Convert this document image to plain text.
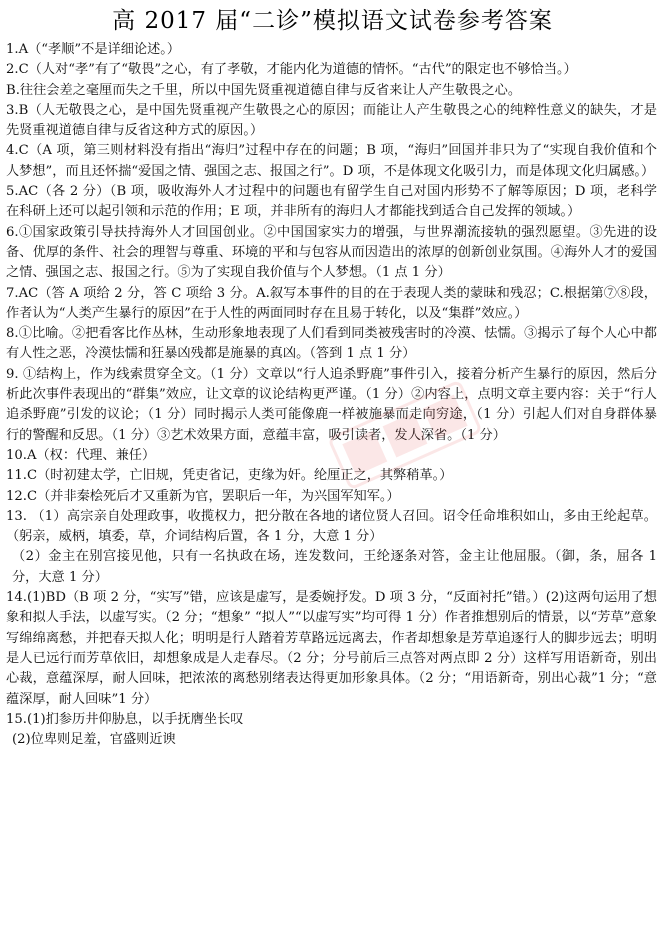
高 2017 届“二诊”模拟语文试卷参考答案

1.A（“孝顺”不是详细论述。）

2.C（人对“孝”有了“敬畏”之心，有了孝敬，才能内化为道德的情怀。“古代”的限定也不够恰当。）

B.往往会差之毫厘而失之千里，所以中国先贤重视道德自律与反省来让人产生敬畏之心。

3.B（人无敬畏之心，是中国先贤重视产生敬畏之心的原因；而能让人产生敬畏之心的纯粹性意义的缺失，才是先贤重视道德自律与反省这种方式的原因。）

4.C（A 项，第三则材料没有指出“海归”过程中存在的问题；B 项，“海归”回国并非只为了“实现自我价值和个人梦想”，而且还怀揣“爱国之情、强国之志、报国之行”。D 项，不是体现文化吸引力，而是体现文化归属感。）

5.AC（各 2 分）（B 项，吸收海外人才过程中的问题也有留学生自己对国内形势不了解等原因；D 项，老科学在科研上还可以起引领和示范的作用；E 项，并非所有的海归人才都能找到适合自己发挥的领域。）

6.①国家政策引导扶持海外人才回国创业。②中国国家实力的增强，与世界潮流接轨的强烈愿望。③先进的设备、优厚的条件、社会的理智与尊重、环境的平和与包容从而因造出的浓厚的创新创业氛围。④海外人才的爱国之情、强国之志、报国之行。⑤为了实现自我价值与个人梦想。（1 点 1 分）

7.AC（答 A 项给 2 分，答 C 项给 3 分。A.叙写本事件的目的在于表现人类的蒙昧和残忍；C.根据第⑦⑧段，作者认为“人类产生暴行的原因”在于人性的两面同时存在且易于转化，以及“集群”效应。）

8.①比喻。②把看客比作丛林，生动形象地表现了人们看到同类被残害时的冷漠、怯懦。③揭示了每个人心中都有人性之恶，冷漠怯懦和狂暴凶残都是施暴的真凶。（答到 1 点 1 分）

9. ①结构上，作为线索贯穿全文。（1 分）文章以“行人追杀野鹿”事件引入，接着分析产生暴行的原因，然后分析此次事件表现出的“群集”效应，让文章的议论结构更严谨。（1 分）②内容上，点明文章主要内容：关于“行人追杀野鹿”引发的议论；（1 分）同时揭示人类可能像鹿一样被施暴而走向穷途，（1 分）引起人们对自身群体暴行的警醒和反思。（1 分）③艺术效果方面，意蕴丰富，吸引读者，发人深省。（1 分）

10.A（权：代理、兼任）

11.C（时初建太学，亡旧规，凭吏省记，吏缘为奸。纶厘正之，其弊稍革。）

12.C（并非秦桧死后才又重新为官，罢职后一年，为兴国军知军。）

13. （1）高宗亲自处理政事，收揽权力，把分散在各地的诸位贤人召回。诏令任命堆积如山，多由王纶起草。（躬亲，威柄，填委，草，介词结构后置，各 1 分，大意 1 分）

（2）金主在别宫接见他，只有一名执政在场，连发数问，王纶逐条对答，金主让他屈服。（御，条，屈各 1 分，大意 1 分）

14.(1)BD（B 项 2 分，“实写”错，应该是虚写，是委婉抒发。D 项 3 分，“反面衬托”错。）(2)这两句运用了想象和拟人手法，以虚写实。（2 分；“想象” “拟人”“以虚写实”均可得 1 分）作者推想别后的情景，以“芳草”意象写绵绵离愁，并把春天拟人化；明明是行人踏着芳草路远远离去，作者却想象是芳草追逐行人的脚步远去；明明是人已远行而芳草依旧，却想象成是人走春尽。（2 分；分号前后三点答对两点即 2 分）这样写用语新奇，别出心裁，意蕴深厚，耐人回味，把浓浓的离愁别绪表达得更加形象具体。（2 分；“用语新奇，别出心裁”1 分；“意蕴深厚，耐人回味”1 分）

15.(1)扪参历井仰胁息，以手抚膺坐长叹

(2)位卑则足羞，官盛则近谀
